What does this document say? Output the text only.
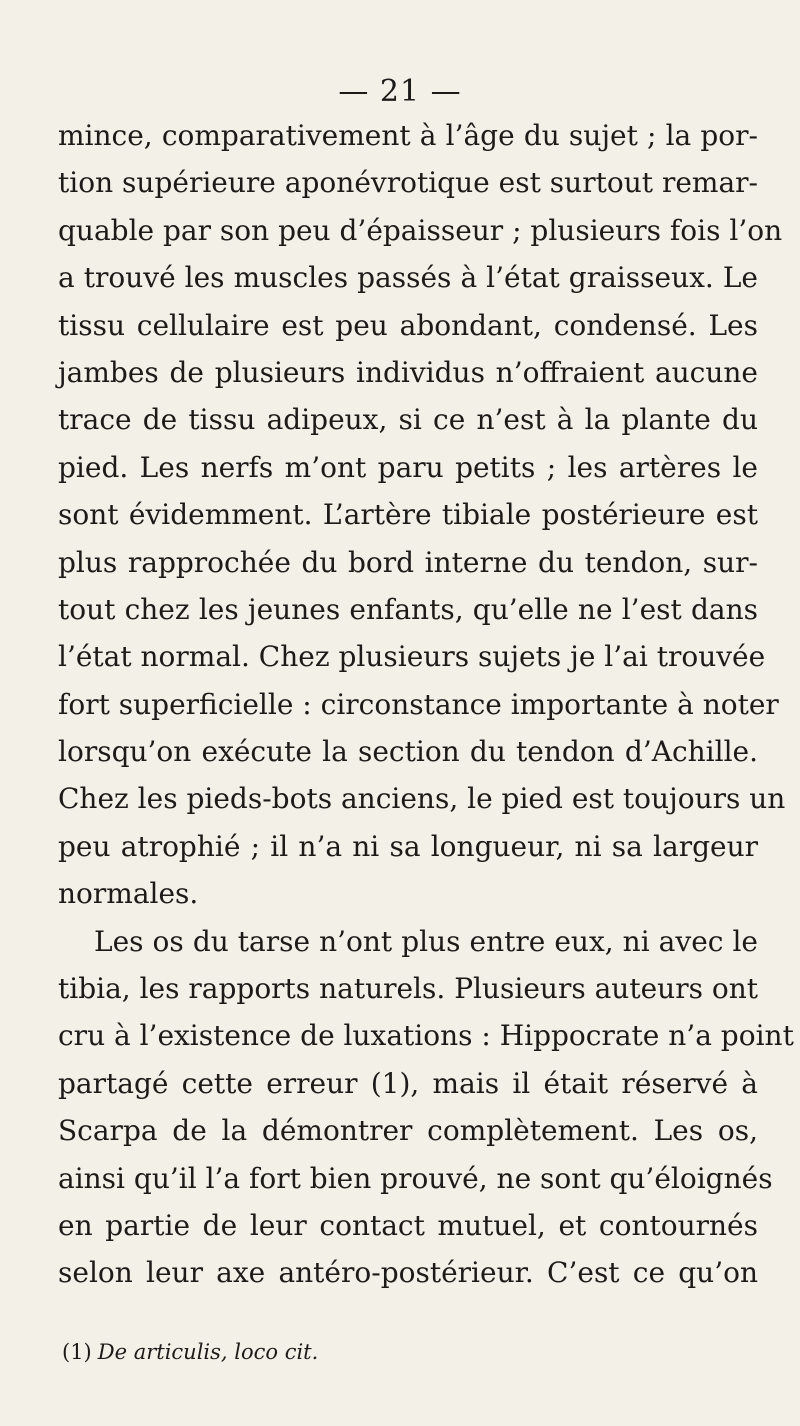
— 21 —
mince, comparativement à l’âge du sujet ; la por-
tion supérieure aponévrotique est surtout remar-
quable par son peu d’épaisseur ; plusieurs fois l’on
a trouvé les muscles passés à l’état graisseux. Le
tissu cellulaire est peu abondant, condensé. Les
jambes de plusieurs individus n’offraient aucune
trace de tissu adipeux, si ce n’est à la plante du
pied. Les nerfs m’ont paru petits ; les artères le
sont évidemment. L’artère tibiale postérieure est
plus rapprochée du bord interne du tendon, sur-
tout chez les jeunes enfants, qu’elle ne l’est dans
l’état normal. Chez plusieurs sujets je l’ai trouvée
fort superficielle : circonstance importante à noter
lorsqu’on exécute la section du tendon d’Achille.
Chez les pieds-bots anciens, le pied est toujours un
peu atrophié ; il n’a ni sa longueur, ni sa largeur
normales.
Les os du tarse n’ont plus entre eux, ni avec le
tibia, les rapports naturels. Plusieurs auteurs ont
cru à l’existence de luxations : Hippocrate n’a point
partagé cette erreur (1), mais il était réservé à
Scarpa de la démontrer complètement. Les os,
ainsi qu’il l’a fort bien prouvé, ne sont qu’éloignés
en partie de leur contact mutuel, et contournés
selon leur axe antéro-postérieur. C’est ce qu’on
(1) De articulis, loco cit.
